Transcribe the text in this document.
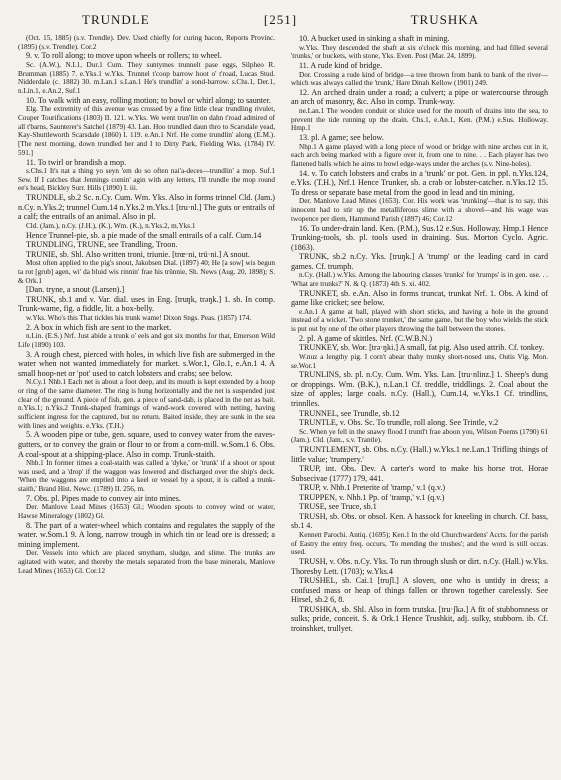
TRUNDLE	[251]	TRUSHKA

(Oct. 15, 1885) (s.v. Trendle). Dev. Used chiefly for curing bacon, Reports Provinc. (1895) (s.v. Trendle). Cor.2

9. v. To roll along; to move upon wheels or rollers; to wheel.

Sc. (A.W.), N.I.1, Dur.1 Cum. They suntymes trunnelt pase eggs, Silpheo R. Brumman (1885) 7. e.Yks.1 w.Yks. Trunnel t'coop barrow hoot o' t'road, Lucas Stud. Nidderdale (c. 1882) 30. m.Lan.1 s.Lan.1 He's trundlin' a sond-barrow. s.Chs.1, Der.1, n.Lin.1, e.An.2, Suf.1

10. To walk with an easy, rolling motion; to bowl or whirl along; to saunter.

Elg. The extremity of this avenue was crossed by a fine little clear trundling rivulet, Couper Tourifications (1803) II. 121. w.Yks. We went trun'lin on dahn t'road admired of all t'barns, Saunterer's Satchel (1879) 43. Lan. Hoo trundled daun thro to Scarsdale yead, Kay-Shuttleworth Scarsdale (1860) I. 119. e.An.1 Nrf. He come trundlin' along (E.M.). [The next morning, down trundled her and I to Dirty Park, Fielding Wks. (1784) IV. 591.]

11. To twirl or brandish a mop.

s.Chs.1 It's nat a thing yo seyn 'em do so often nai'a-deces—trundlin' a mop. Suf.1 Sew. If I catches that Jennings comin' agin with any letters, I'll trundle the mop round ee's head, Bickley Surr. Hills (1890) I. iii.

TRUNDLE, sb.2 Sc. n.Cy. Cum. Wm. Yks. Also in forms trinnel Cld. (Jam.) n.Cy. n.Yks.2; trunnel Cum.14 n.Yks.2 m.Yks.1 [tru·nl.] The guts or entrails of a calf; the entrails of an animal. Also in pl.

Cld. (Jam.), n.Cy. (J.H.), (K.), Wm. (K.), n.Yks.2, m.Yks.1

Hence Trunnel-pie, sb. a pie made of the small entrails of a calf. Cum.14

TRUNDLING, TRUNE, see Trandling, Troon.

TRUNIE, sb. Shl. Also written troni, triunie. [trœ·ni, trü·ni.] A snout.

Most often applied to the pig's snout, Jakobsen Dial. (1897) 40; He [a sow] wis begun ta rot [grub] agen, wi' da bluid wis rinnin' frae his trünnie, Sh. News (Aug. 20, 1898); S. & Ork.1

[Dan. tryne, a snout (Larsen).]

TRUNK, sb.1 and v. Var. dial. uses in Eng. [truŋk, trəŋk.] 1. sb. In comp. Trunk-wame, fig. a fiddle, lit. a box-belly.

w.Yks. Who's this That tickles his trunk wame! Dixon Sngs. Peas. (1857) 174.

2. A box in which fish are sent to the market.

n.Lin. (E.S.) Nrf. Just abide a trunk o' eels and got six months for that, Emerson Wild Life (1890) 103.

3. A rough chest, pierced with holes, in which live fish are submerged in the water when not wanted immediately for market. s.Wor.1, Glo.1, e.An.1 4. A small hoop-net or 'pot' used to catch lobsters and crabs; see below.

N.Cy.1 Nhb.1 Each net is about a foot deep, and its mouth is kept extended by a hoop or ring of the same diameter. The ring is hung horizontally and the net is suspended just clear of the ground. A piece of fish, gen. a piece of sand-dab, is placed in the net as bait. n.Yks.1; n.Yks.2 Trunk-shaped framings of wand-work covered with netting, having sufficient ingress for the captured, but no return. Baited inside, they are sunk in the sea with lines and weights. e.Yks. (T.H.)

5. A wooden pipe or tube, gen. square, used to convey water from the eaves-gutters, or to convey the grain or flour to or from a corn-mill. w.Som.1 6. Obs. A coal-spout at a shipping-place. Also in comp. Trunk-staith.

Nhb.1 In former times a coal-staith was called a 'dyke,' or 'trunk' if a shoot or spout was used, and a 'drop' if the waggon was lowered and discharged over the ship's deck. 'When the waggons are emptied into a keel or vessel by a spout, it is called a trunk-staith,' Brand Hist. Newc. (1789) II. 256, m.

7. Obs. pl. Pipes made to convey air into mines.

Der. Manlove Lead Mines (1653) Gl.; Wooden spouts to convey wind or water, Hawse Mineralogy (1802) Gl.

8. The part of a water-wheel which contains and regulates the supply of the water. w.Som.1 9. A long, narrow trough in which tin or lead ore is dressed; a mining implement.

Der. Vessels into which are placed smytham, sludge, and slime. The trunks are agitated with water, and thereby the metals separated from the base minerals, Manlove Lead Mines (1653) Gl. Cor.12

10. A bucket used in sinking a shaft in mining.

w.Yks. They descended the shaft at six o'clock this morning, and had filled several 'trunks,' or buckets, with stone, Yks. Even. Post (Mar. 24, 1899).

11. A rude kind of bridge.

Dor. Crossing a rude kind of bridge—a tree thrown from bank to bank of the river—which was always called the 'trunk,' Hare Dinah Kellow (1901) 249.

12. An arched drain under a road; a culvert; a pipe or watercourse through an arch of masonry, &c. Also in comp. Trunk-way.

ne.Lan.1 The wooden conduit or sluice used for the mouth of drains into the sea, to prevent the tide running up the drain. Chs.1, e.An.1, Ken. (P.M.) e.Sus. Holloway. Hmp.1

13. pl. A game; see below.

Nhp.1 A game played with a long piece of wood or bridge with nine arches cut in it, each arch being marked with a figure over it, from one to nine. . . Each player has two flattened balls which he aims to bowl edge-ways under the arches (s.v. Nine-holes).

14. v. To catch lobsters and crabs in a 'trunk' or pot. Gen. in ppl. n.Yks.124, e.Yks. (T.H.), Nrf.1 Hence Trunker, sb. a crab or lobster-catcher. n.Yks.12 15. To dress or separate base metal from the good in lead and tin mining.

Der. Manlove Lead Mines (1653). Cor. His work was 'trunking'—that is to say, this innocent had to stir up the metalliferous slime with a shovel—and his wage was twopence per diem, Hammond Parish (1897) 46; Cor.12

16. To under-drain land. Ken. (P.M.), Sus.12 e.Sus. Holloway. Hmp.1 Hence Trunking-tools, sb. pl. tools used in draining. Sus. Morton Cyclo. Agric. (1863).

TRUNK, sb.2 n.Cy. Yks. [truŋk.] A 'trump' or the leading card in card games. Cf. trumph.

n.Cy. (Hall.) w.Yks. Among the labouring classes 'trunks' for 'trumps' is in gen. use. . . 'What are trunks?' N. & Q. (1873) 4th S. xi. 402.

TRUNKET, sb. e.An. Also in forms truncat, trunkat Nrf. 1. Obs. A kind of game like cricket; see below.

e.An.1 A game at ball, played with short sticks, and having a hole in the ground instead of a wicket. 'Two stone trunket,' the same game, but the boy who wields the stick is put out by one of the other players throwing the ball between the stones.

2. pl. A game of skittles. Nrf. (C.W.B.N.)

TRUNKEY, sb. Wor. [trə·ŋki.] A small, fat pig. Also used attrib. Cf. tonkey.

W.nuz a lengthy pig. I corn't abear thahy trunky short-nosed uns, Outis Vig. Mon. se.Wor.1

TRUNLINS, sb. pl. n.Cy. Cum. Wm. Yks. Lan. [tru·nlinz.] 1. Sheep's dung or droppings. Wm. (B.K.), n.Lan.1 Cf. treddle, triddlings. 2. Coal about the size of apples; large coals. n.Cy. (Hall.), Cum.14, w.Yks.1 Cf. trindlins, trinnlles.

TRUNNEL, see Trundle, sb.12

TRUNTLE, v. Obs. Sc. To trundle, roll along. See Trintle, v.2

Sc. When ye fell in the snawy flood I truntl't frae aboon you, Wilson Poems (1790) 61 (Jam.). Cld. (Jam., s.v. Trantle).

TRUNTLEMENT, sb. Obs. n.Cy. (Hall.) w.Yks.1 ne.Lan.1 Trifling things of little value; 'trumpery.'

TRUP, int. Obs. Dev. A carter's word to make his horse trot. Horae Subsecivae (1777) 179, 441.

TRUP, v. Nhb.1 Preterite of 'tramp,' v.1 (q.v.)

TRUPPEN, v. Nhb.1 Pp. of 'tramp,' v.1 (q.v.)

TRUSE, see Truce, sb.1

TRUSH, sb. Obs. or obsol. Ken. A hassock for kneeling in church. Cf. bass, sb.1 4.

Kennett Parochi. Antiq. (1695); Ken.1 In the old Churchwardens' Accts. for the parish of Eastry the entry freq. occurs, 'To mending the trushes'; and the word is still occas. used.

TRUSH, v. Obs. n.Cy. Yks. To run through slush or dirt. n.Cy. (Hall.) w.Yks. Thoresby Lett. (1703); w.Yks.4

TRUSHEL, sb. Cai.1 [truʃl.] A sloven, one who is untidy in dress; a confused mass or heap of things fallen or thrown together carelessly. See Hirsel, sb.2 6, 8.

TRUSHKA, sb. Shl. Also in form trutska. [tru·ʃkə.] A fit of stubbornness or sulks; pride, conceit. S. & Ork.1 Hence Trushkit, adj. sulky, stubborn. ib. Cf. troinshket, trullyet.
